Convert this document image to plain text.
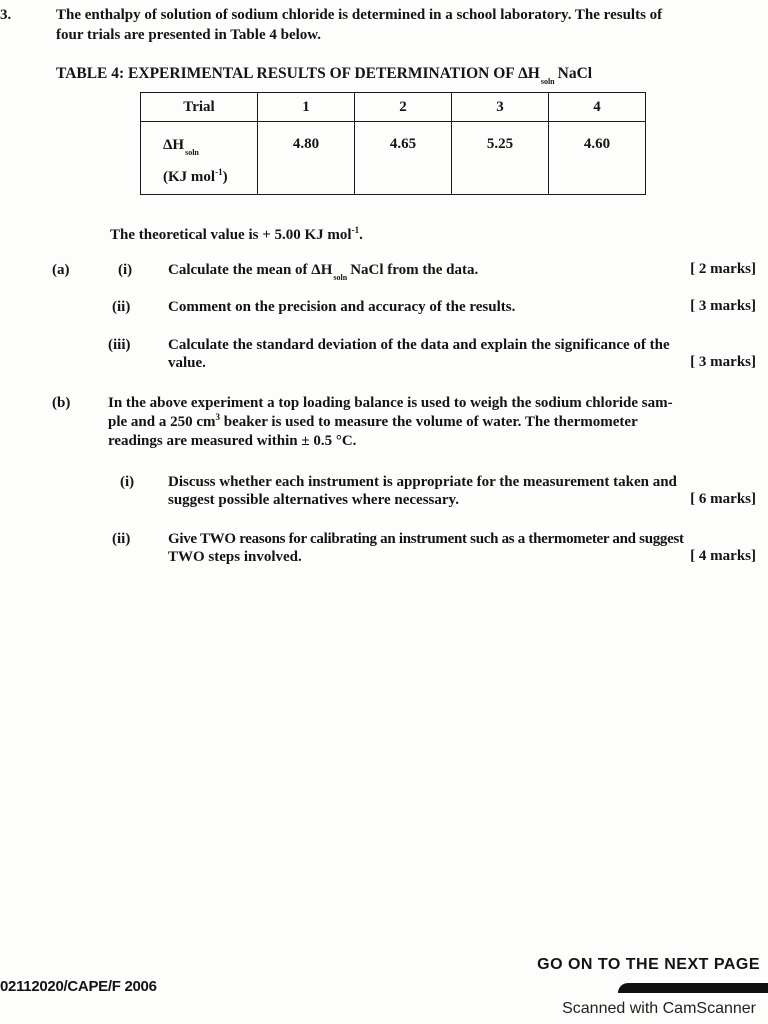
3.	The enthalpy of solution of sodium chloride is determined in a school laboratory. The results of
four trials are presented in Table 4 below.
TABLE 4: EXPERIMENTAL RESULTS OF DETERMINATION OF $\Delta H_{soln}$ NaCl
Trial	1	2	3	4

$\Delta H_{soln}$
(KJ mol$^{-1}$)	4.80	4.65	5.25	4.60
The theoretical value is + 5.00 KJ mol$^{-1}$.
(a)	(i) Calculate the mean of $\Delta H_{soln}$ NaCl from the data.	[ 2 marks]
(ii)	Comment on the precision and accuracy of the results.	[ 3 marks]
(iii)	Calculate the standard deviation of the data and explain the significance of the
value.	[ 3 marks]
(b)	In the above experiment a top loading balance is used to weigh the sodium chloride sam-
ple and a 250 $cm^3$ beaker is used to measure the volume of water. The thermometer
readings are measured within ± 0.5 °C.
(i) Discuss whether each instrument is appropriate for the measurement taken and
suggest possible alternatives where necessary.	[ 6 marks]
(ii)	Give TWO reasons for calibrating an instrument such as a thermometer and suggest
TWO steps involved.	[ 4 marks]
GO ON TO THE NEXT PAGE
02112020/CAPE/F 2006
Scanned with CamScanner
